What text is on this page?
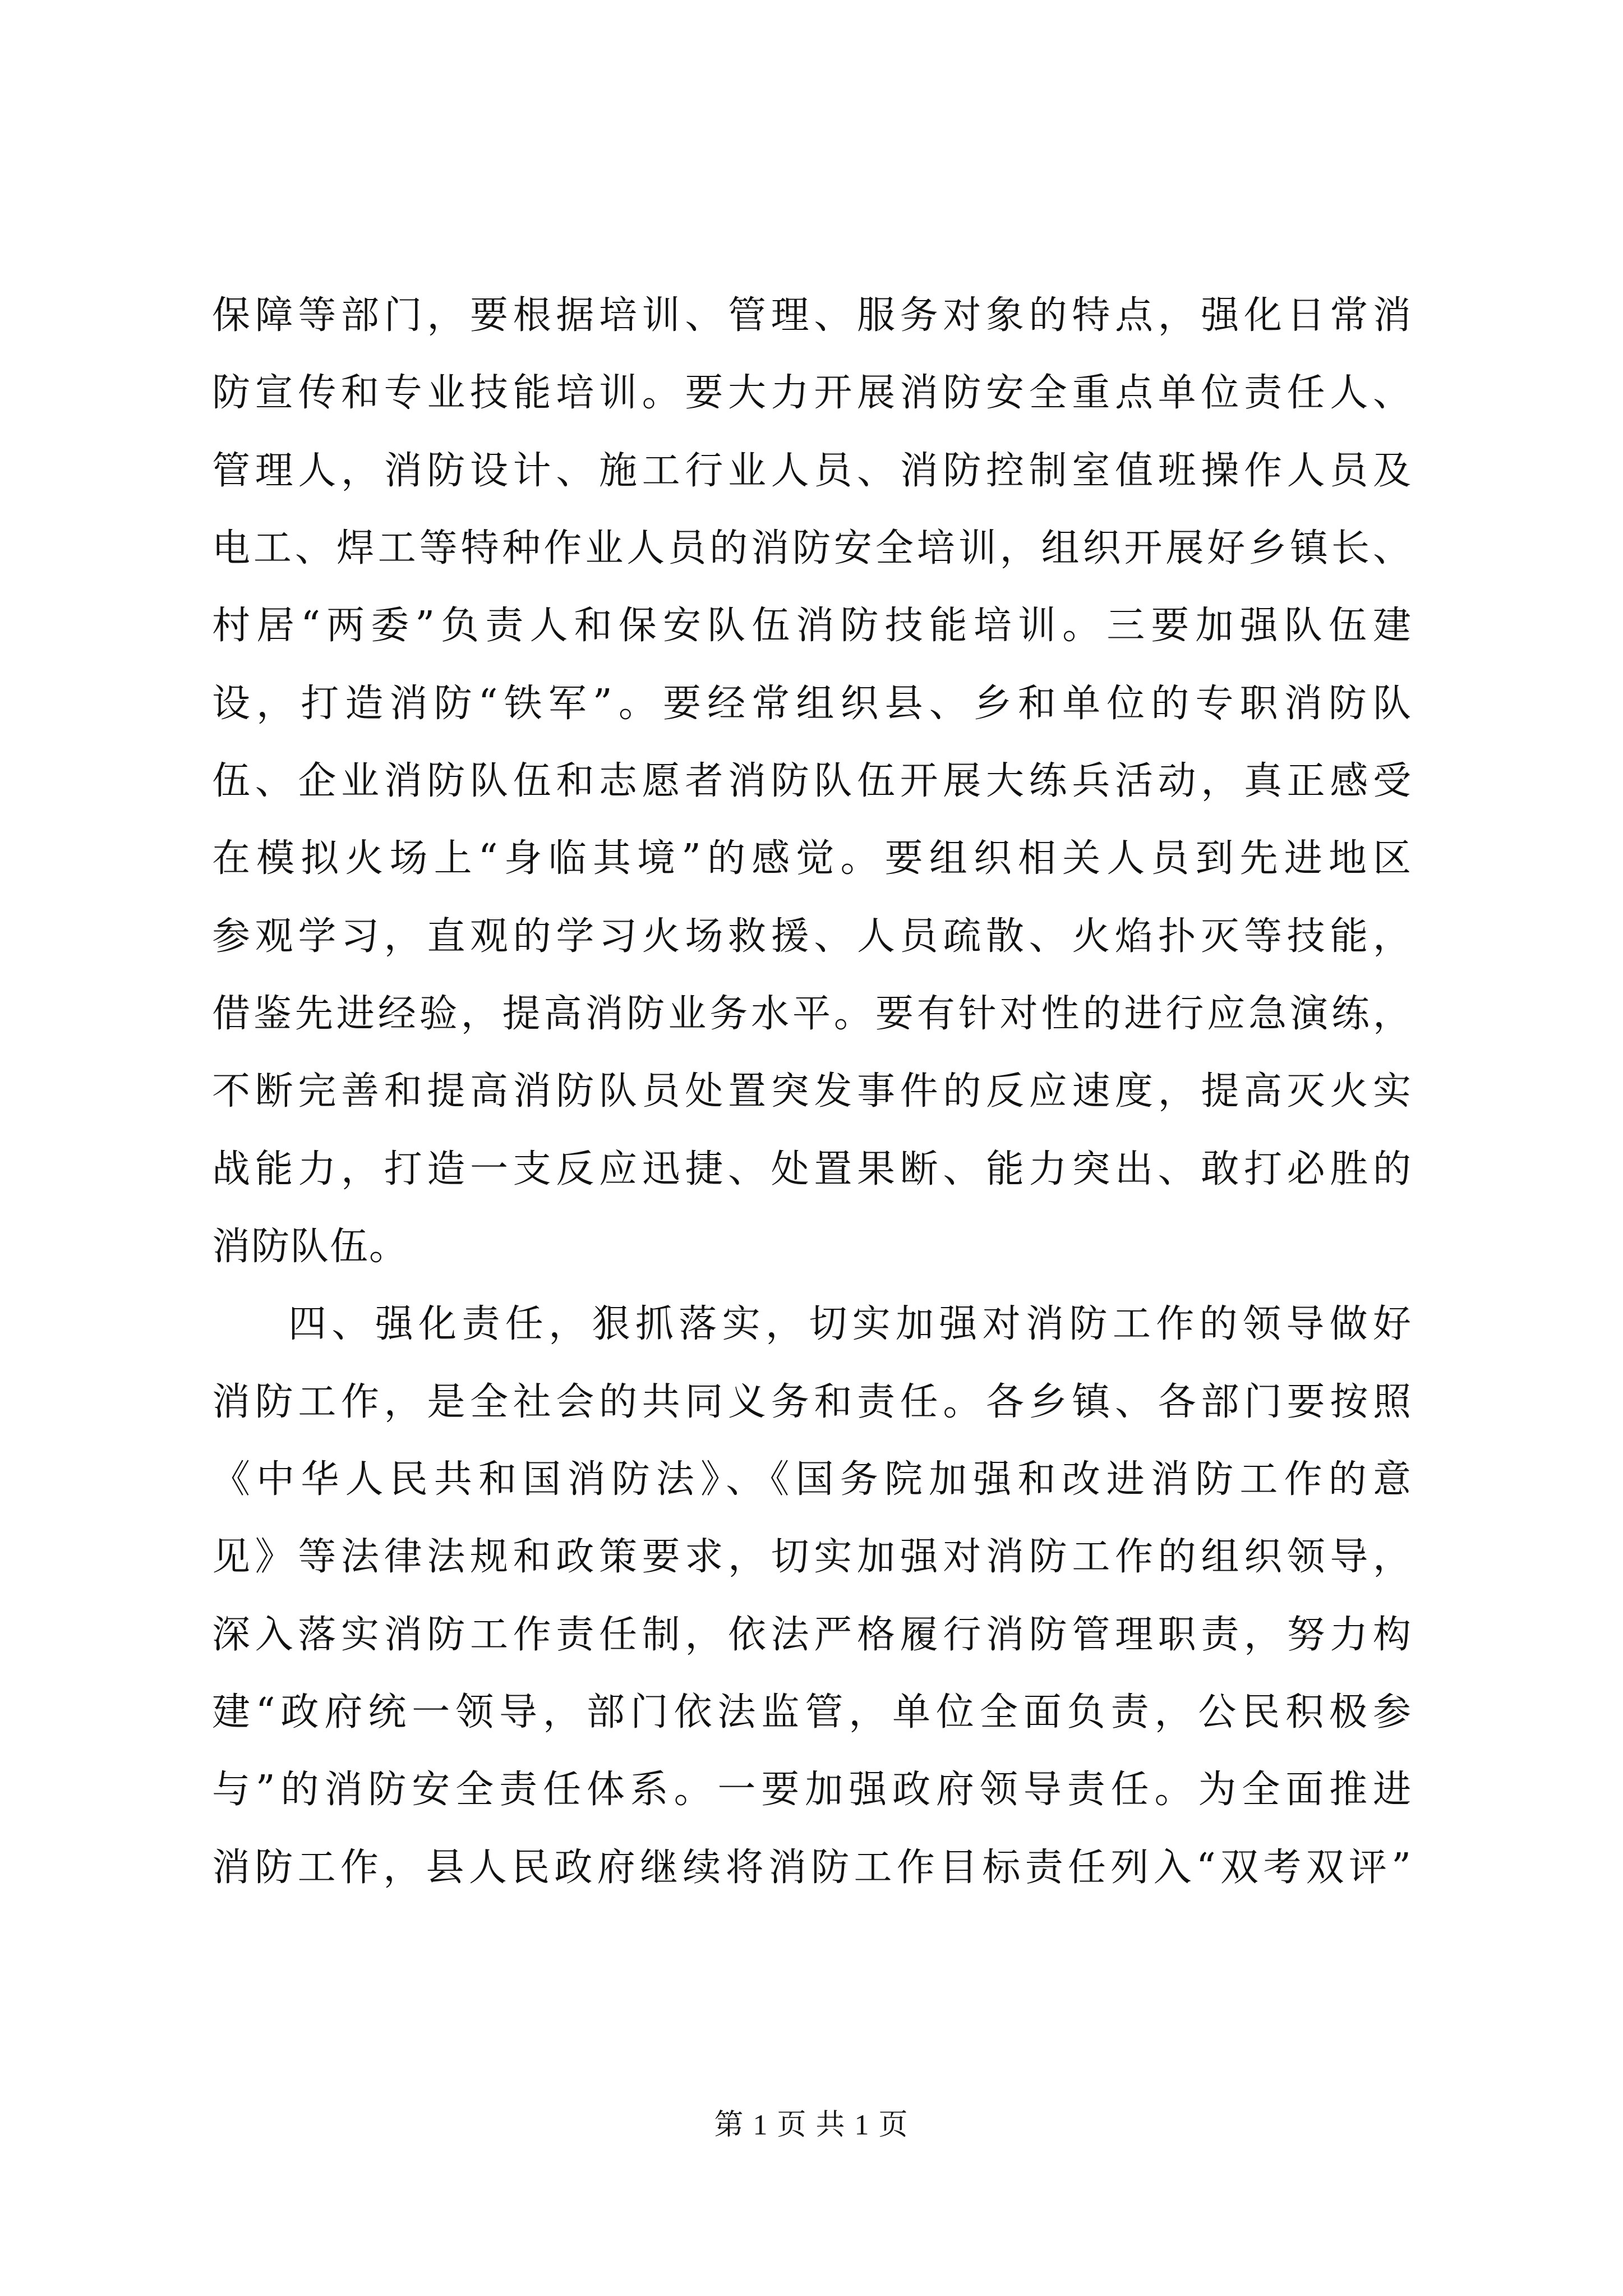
保障等部门，要根据培训、管理、服务对象的特点，强化日常消
防宣传和专业技能培训。要大力开展消防安全重点单位责任人、
管理人，消防设计、施工行业人员、消防控制室值班操作人员及
电工、焊工等特种作业人员的消防安全培训，组织开展好乡镇长、
村居“两委”负责人和保安队伍消防技能培训。三要加强队伍建
设，打造消防“铁军”。要经常组织县、乡和单位的专职消防队
伍、企业消防队伍和志愿者消防队伍开展大练兵活动，真正感受
在模拟火场上“身临其境”的感觉。要组织相关人员到先进地区
参观学习，直观的学习火场救援、人员疏散、火焰扑灭等技能，
借鉴先进经验，提高消防业务水平。要有针对性的进行应急演练，
不断完善和提高消防队员处置突发事件的反应速度，提高灭火实
战能力，打造一支反应迅捷、处置果断、能力突出、敢打必胜的
消防队伍。
四、强化责任，狠抓落实，切实加强对消防工作的领导做好
消防工作，是全社会的共同义务和责任。各乡镇、各部门要按照
《中华人民共和国消防法》、《国务院加强和改进消防工作的意
见》等法律法规和政策要求，切实加强对消防工作的组织领导，
深入落实消防工作责任制，依法严格履行消防管理职责，努力构
建“政府统一领导，部门依法监管，单位全面负责，公民积极参
与”的消防安全责任体系。一要加强政府领导责任。为全面推进
消防工作，县人民政府继续将消防工作目标责任列入“双考双评”
第 1 页 共 1 页
